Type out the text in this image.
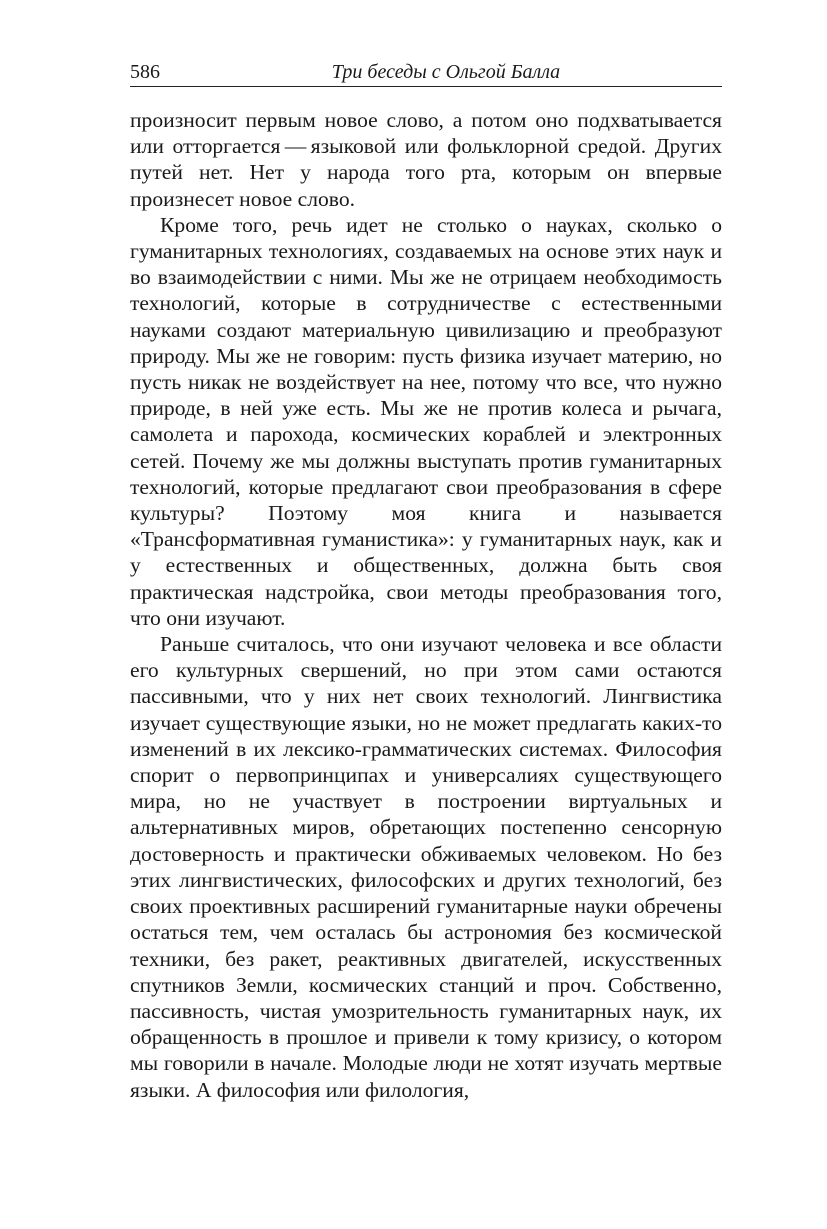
586	Три беседы с Ольгой Балла

произносит первым новое слово, а потом оно подхватывается или отторгается — языковой или фольклорной средой. Других путей нет. Нет у народа того рта, которым он впервые произнесет новое слово.

Кроме того, речь идет не столько о науках, сколько о гуманитарных технологиях, создаваемых на основе этих наук и во взаимодействии с ними. Мы же не отрицаем необходимость технологий, которые в сотрудничестве с естественными науками создают материальную цивилизацию и преобразуют природу. Мы же не говорим: пусть физика изучает материю, но пусть никак не воздействует на нее, потому что все, что нужно природе, в ней уже есть. Мы же не против колеса и рычага, самолета и парохода, космических кораблей и электронных сетей. Почему же мы должны выступать против гуманитарных технологий, которые предлагают свои преобразования в сфере культуры? Поэтому моя книга и называется «Трансформативная гуманистика»: у гуманитарных наук, как и у естественных и общественных, должна быть своя практическая надстройка, свои методы преобразования того, что они изучают.

Раньше считалось, что они изучают человека и все области его культурных свершений, но при этом сами остаются пассивными, что у них нет своих технологий. Лингвистика изучает существующие языки, но не может предлагать каких-то изменений в их лексико-грамматических системах. Философия спорит о первопринципах и универсалиях существующего мира, но не участвует в построении виртуальных и альтернативных миров, обретающих постепенно сенсорную достоверность и практически обживаемых человеком. Но без этих лингвистических, философских и других технологий, без своих проективных расширений гуманитарные науки обречены остаться тем, чем осталась бы астрономия без космической техники, без ракет, реактивных двигателей, искусственных спутников Земли, космических станций и проч. Собственно, пассивность, чистая умозрительность гуманитарных наук, их обращенность в прошлое и привели к тому кризису, о котором мы говорили в начале. Молодые люди не хотят изучать мертвые языки. А философия или филология,
